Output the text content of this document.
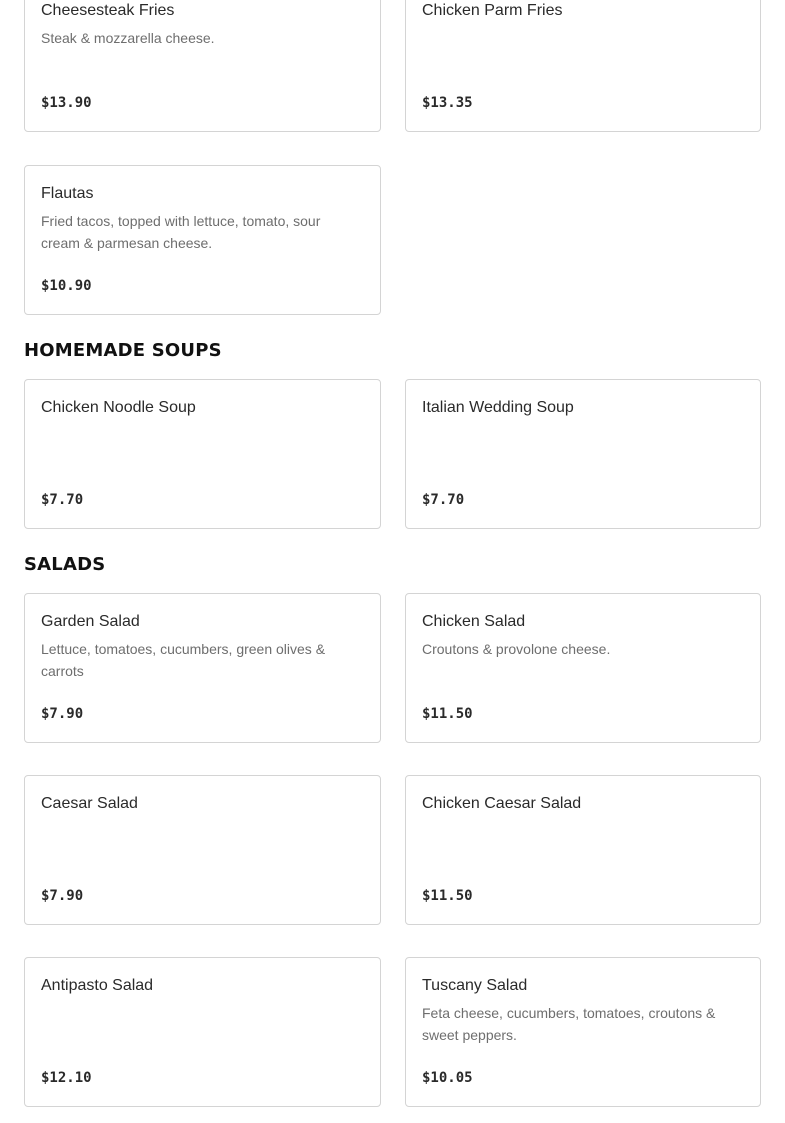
Cheesesteak Fries
Steak & mozzarella cheese.
$13.90
Chicken Parm Fries
$13.35
Flautas
Fried tacos, topped with lettuce, tomato, sour cream & parmesan cheese.
$10.90
HOMEMADE SOUPS
Chicken Noodle Soup
$7.70
Italian Wedding Soup
$7.70
SALADS
Garden Salad
Lettuce, tomatoes, cucumbers, green olives & carrots
$7.90
Chicken Salad
Croutons & provolone cheese.
$11.50
Caesar Salad
$7.90
Chicken Caesar Salad
$11.50
Antipasto Salad
$12.10
Tuscany Salad
Feta cheese, cucumbers, tomatoes, croutons & sweet peppers.
$10.05
